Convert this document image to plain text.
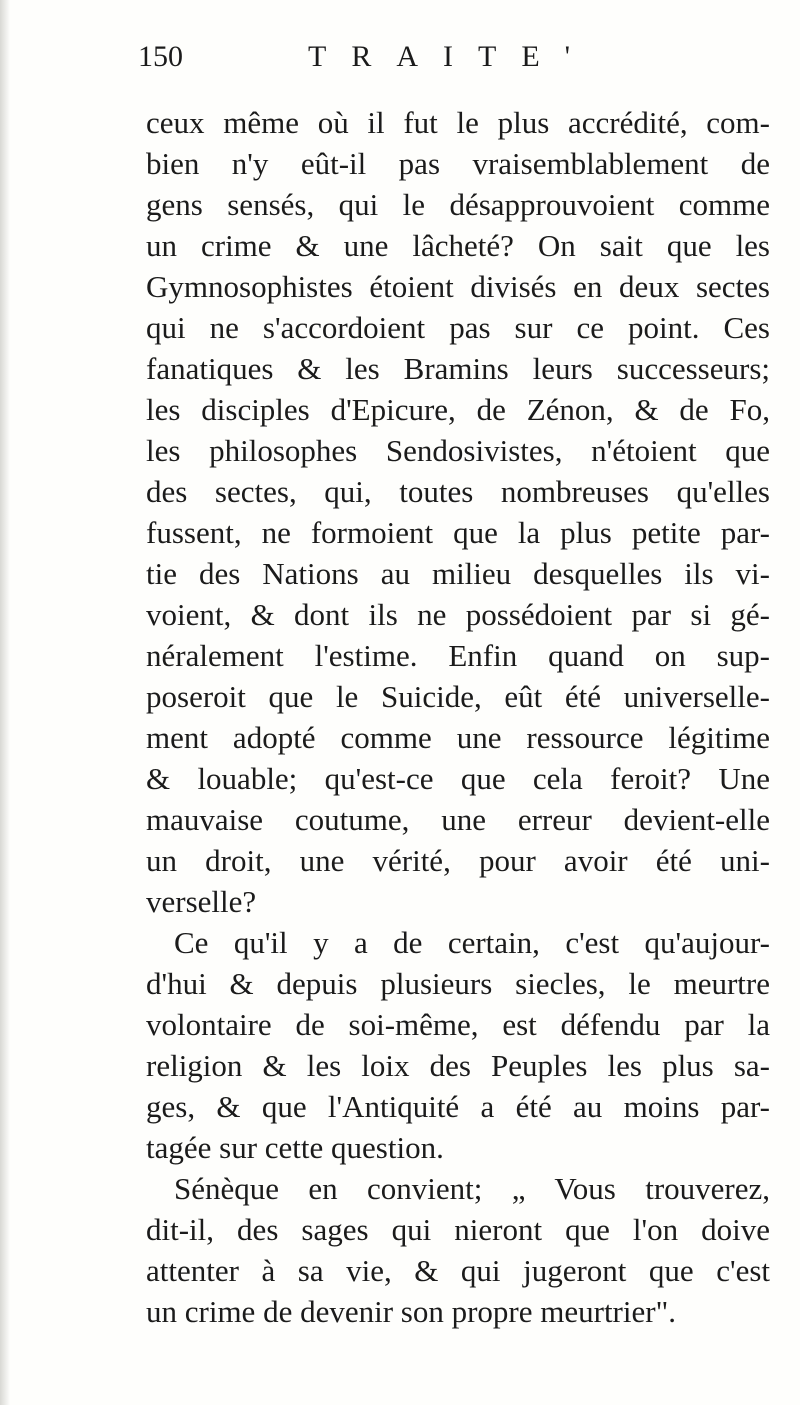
150	TRAITE'
ceux même où il fut le plus accrédité, com-
bien n'y eût-il pas vraisemblablement de
gens sensés, qui le désapprouvoient comme
un crime & une lâcheté? On sait que les
Gymnosophistes étoient divisés en deux sectes
qui ne s'accordoient pas sur ce point. Ces
fanatiques & les Bramins leurs successeurs;
les disciples d'Epicure, de Zénon, & de Fo,
les philosophes Sendosivistes, n'étoient que
des sectes, qui, toutes nombreuses qu'elles
fussent, ne formoient que la plus petite par-
tie des Nations au milieu desquelles ils vi-
voient, & dont ils ne possédoient par si gé-
néralement l'estime. Enfin quand on sup-
poseroit que le Suicide, eût été universelle-
ment adopté comme une ressource légitime
& louable; qu'est-ce que cela feroit? Une
mauvaise coutume, une erreur devient-elle
un droit, une vérité, pour avoir été uni-
verselle?
Ce qu'il y a de certain, c'est qu'aujour-
d'hui & depuis plusieurs siecles, le meurtre
volontaire de soi-même, est défendu par la
religion & les loix des Peuples les plus sa-
ges, & que l'Antiquité a été au moins par-
tagée sur cette question.
Sénèque en convient; „ Vous trouverez,
dit-il, des sages qui nieront que l'on doive
attenter à sa vie, & qui jugeront que c'est
un crime de devenir son propre meurtrier".
